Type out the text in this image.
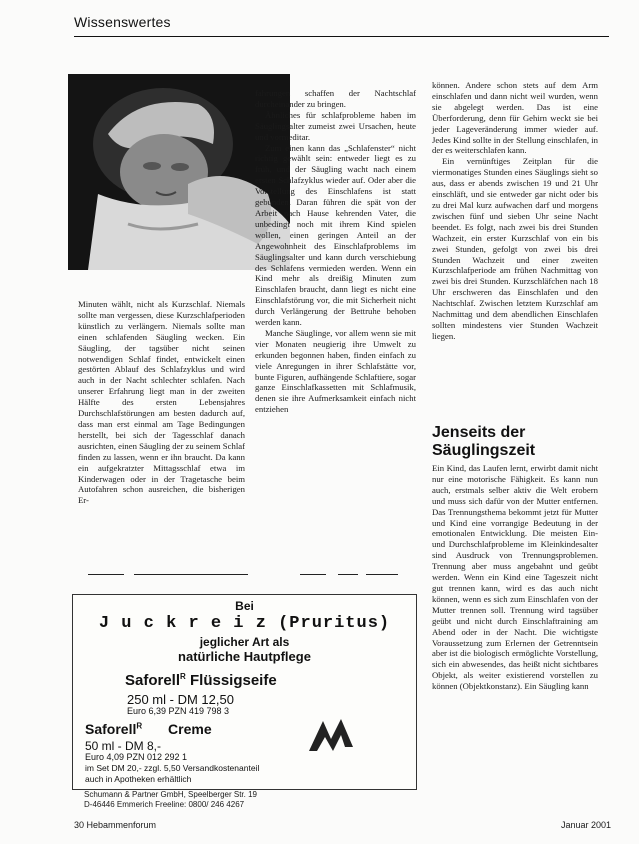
Wissenswertes

Minuten wählt, nicht als Kurzschlaf. Niemals sollte man vergessen, diese Kurzschlafperioden künstlich zu verlängern. Niemals sollte man einen schlafenden Säugling wecken. Ein Säugling, der tagsüber nicht seinen notwendigen Schlaf findet, entwickelt einen gestörten Ablauf des Schlafzyklus und wird auch in der Nacht schlechter schlafen. Nach unserer Erfahrung liegt man in der zweiten Hälfte des ersten Lebensjahres Durchschlafstörungen am besten dadurch auf, dass man erst einmal am Tage Bedingungen herstellt, bei sich der Tagesschlaf danach ausrichten, einen Säugling der zu seinem Schlaf finden zu lassen, wenn er ihn braucht. Da kann ein aufgekratzter Mittagsschlaf etwa im Kinderwagen oder in der Tragetasche beim Autofahren schon ausreichen, die bisherigen Er-

fahrungen schaffen der Nachtschlaf durcheinander zu bringen.

Ähnliches für schlafprobleme haben im Säuglingsalter zumeist zwei Ursachen, heute und vormeditar.

Zum einen kann das „Schlafenster“ nicht richtig gewählt sein: entweder liegt es zu früh, und der Säugling wacht nach einem ersten Schlafzyklus wieder auf. Oder aber die Vorstellung des Einschlafens ist statt gebunden. Daran führen die spät von der Arbeit nach Hause kehrenden Vater, die unbedingt noch mit ihrem Kind spielen wollen, einen geringen Anteil an der Angewohnheit des Einschlafproblems im Säuglingsalter und kann durch verschiebung des Schlafens vermieden werden. Wenn ein Kind mehr als dreißig Minuten zum Einschlafen braucht, dann liegt es nicht eine Einschlafstörung vor, die mit Sicherheit nicht durch Verlängerung der Bettruhe behoben werden kann.

Manche Säuglinge, vor allem wenn sie mit vier Monaten neugierig ihre Umwelt zu erkunden begonnen haben, finden einfach zu viele Anregungen in ihrer Schlafstätte vor, bunte Figuren, aufhängende Schlaftiere, sogar ganze Einschlafkassetten mit Schlafmusik, denen sie ihre Aufmerksamkeit einfach nicht entziehen

können. Andere schon stets auf dem Arm einschlafen und dann nicht weil wurden, wenn sie abgelegt werden. Das ist eine Überforderung, denn für Gehirn weckt sie bei jeder Lageveränderung immer wieder auf. Jedes Kind sollte in der Stellung einschlafen, in der es weiterschlafen kann.

Ein vernünftiges Zeitplan für die viermonatiges Stunden eines Säuglings sieht so aus, dass er abends zwischen 19 und 21 Uhr einschläft, und sie entweder gar nicht oder bis zu drei Mal kurz aufwachen darf und morgens zwischen fünf und sieben Uhr seine Nacht beendet. Es folgt, nach zwei bis drei Stunden Wachzeit, ein erster Kurzschlaf von ein bis zwei Stunden, gefolgt von zwei bis drei Stunden Wachzeit und einer zweiten Kurzschlafperiode am frühen Nachmittag von zwei bis drei Stunden. Kurzschläfchen nach 18 Uhr erschweren das Einschlafen und den Nachtschlaf. Zwischen letztem Kurzschlaf am Nachmittag und dem abendlichen Einschlafen sollten mindestens vier Stunden Wachzeit liegen.

Jenseits der Säuglingszeit

Ein Kind, das Laufen lernt, erwirbt damit nicht nur eine motorische Fähigkeit. Es kann nun auch, erstmals selber aktiv die Welt erobern und muss sich dafür von der Mutter entfernen. Das Trennungsthema bekommt jetzt für Mutter und Kind eine vorrangige Bedeutung in der emotionalen Entwicklung. Die meisten Ein- und Durchschlafprobleme im Kleinkindesalter sind Ausdruck von Trennungsproblemen. Trennung aber muss angebahnt und geübt werden. Wenn ein Kind eine Tageszeit nicht gut trennen kann, wird es das auch nicht können, wenn es sich zum Einschlafen von der Mutter trennen soll. Trennung wird tagsüber geübt und nicht durch Einschlaftraining am Abend oder in der Nacht. Die wichtigste Voraussetzung zum Erlernen der Getrenntsein aber ist die biologisch ermöglichte Vorstellung, sich ein abwesendes, das heißt nicht sichtbares Objekt, als weiter existierend vorstellen zu können (Objektkonstanz). Ein Säugling kann

Bei
J u c k r e i z (Pruritus)
jeglicher Art als
natürliche Hautpflege
Saforell$^R$ Flüssigseife
250 ml - DM 12,50
Euro 6,39 PZN 419 798 3
Saforell$^R$ Creme
50 ml - DM 8,-
Euro 4,09 PZN 012 292 1
im Set DM 20,- zzgl. 5,50 Versandkostenanteil
auch in Apotheken erhältlich
Schumann & Partner GmbH, Speelberger Str. 19
D-46446 Emmerich Freeline: 0800/ 246 4267
30 Hebammenforum	Januar 2001
